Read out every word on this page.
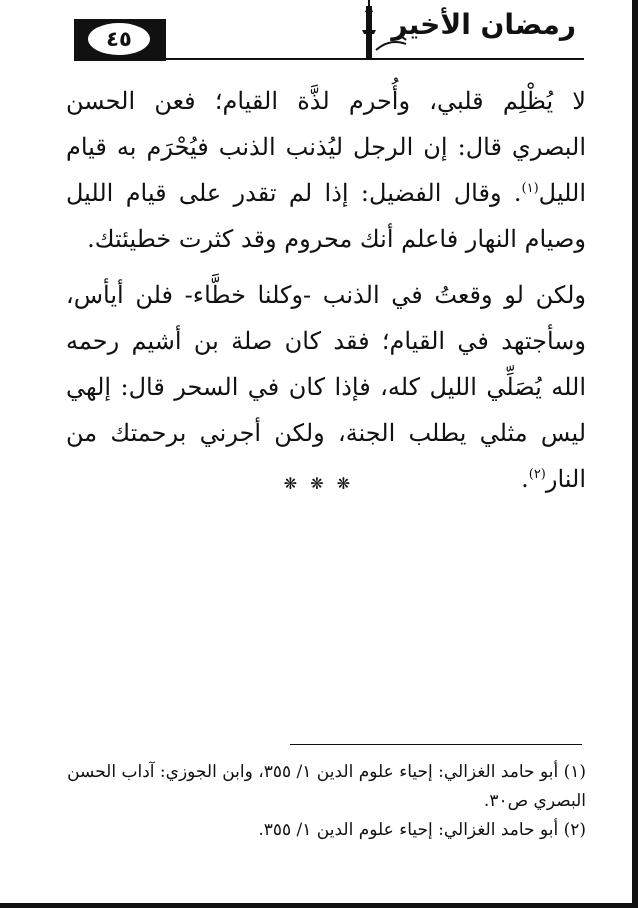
٤٥	رمضان الأخير

لا يُظْلِم قلبي، وأُحرم لذَّة القيام؛ فعن الحسن البصري قال: إن الرجل ليُذنب الذنب فيُحْرَم به قيام الليل$^{(١)}$. وقال الفضيل: إذا لم تقدر على قيام الليل وصيام النهار فاعلم أنك محروم وقد كثرت خطيئتك.

ولكن لو وقعتُ في الذنب -وكلنا خطَّاء- فلن أيأس، وسأجتهد في القيام؛ فقد كان صلة بن أشيم رحمه الله يُصَلِّي الليل كله، فإذا كان في السحر قال: إلهي ليس مثلي يطلب الجنة، ولكن أجرني برحمتك من النار$^{(٢)}$.

❋ ❋ ❋

(١) أبو حامد الغزالي: إحياء علوم الدين ١/ ٣٥٥، وابن الجوزي: آداب الحسن البصري ص٣٠.

(٢) أبو حامد الغزالي: إحياء علوم الدين ١/ ٣٥٥.
